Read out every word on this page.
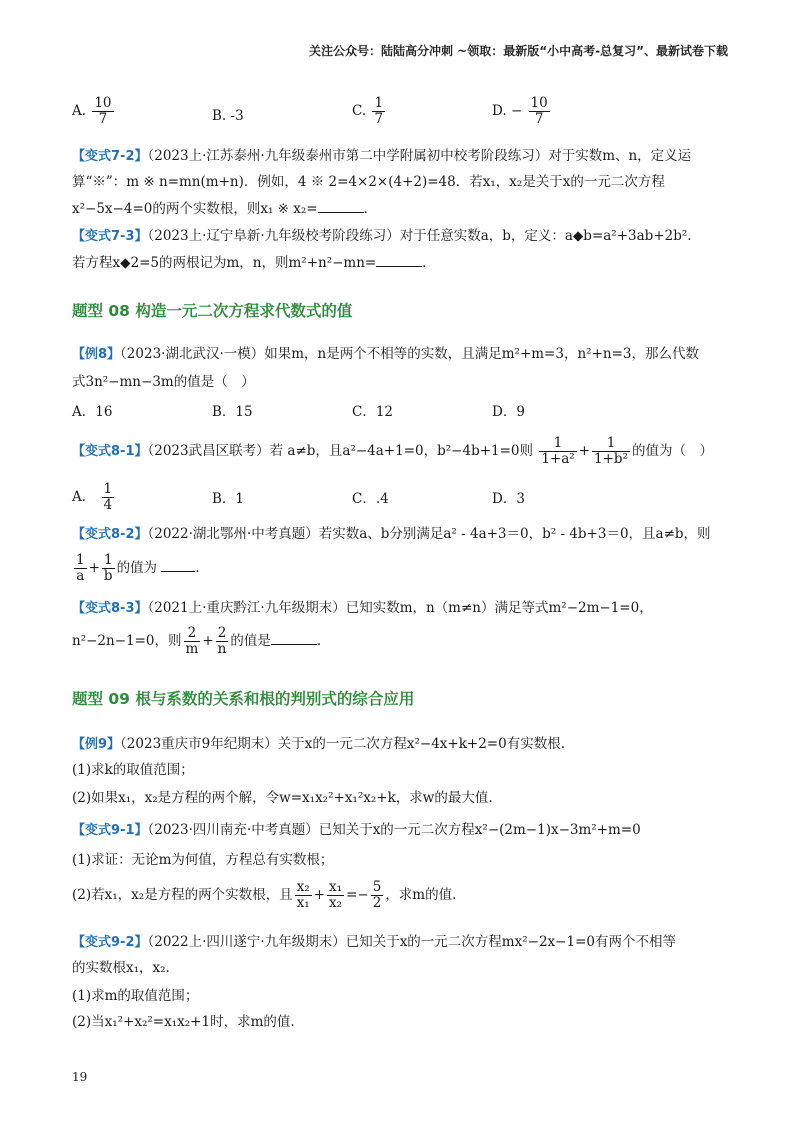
关注公众号：陆陆高分冲刺 ~领取：最新版“小中高考-总复习”、最新试卷下载
A. $\frac{10}{7}$	B. -3	C. $\frac{1}{7}$	D. − $\frac{10}{7}$
【变式7-2】（2023上·江苏泰州·九年级泰州市第二中学附属初中校考阶段练习）对于实数m、n，定义运
算“※”：m ※ n=mn(m+n)．例如，4 ※ 2=4×2×(4+2)=48．若x₁，x₂是关于x的一元二次方程
x²−5x−4=0的两个实数根，则x₁ ※ x₂=	．
【变式7-3】（2023上·辽宁阜新·九年级校考阶段练习）对于任意实数a，b，定义：a◆b=a²+3ab+2b².
若方程x◆2=5的两根记为m，n，则m²+n²−mn=	．
题型 08 构造一元二次方程求代数式的值
【例8】（2023·湖北武汉·一模）如果m，n是两个不相等的实数，且满足m²+m=3，n²+n=3，那么代数
式3n²−mn−3m的值是（　）
A．16	B．15	C．12	D．9
【变式8-1】（2023武昌区联考）若 a≠b，且a²−4a+1=0，b²−4b+1=0则 $\frac{1}{\text{1+a²}} + \frac{1}{\text{1+b²}}$ 的值为（　）
A． $\frac{1}{4}$	B．1	C．.4	D．3
【变式8-2】（2022·湖北鄂州·中考真题）若实数a、b分别满足a² - 4a+3＝0，b² - 4b+3＝0，且a≠b，则
$\frac{1}{a} + \frac{1}{b}$ 的值为	.
【变式8-3】（2021上·重庆黔江·九年级期末）已知实数m，n（m≠n）满足等式m²−2m−1=0，
n²−2n−1=0，则 $\frac{2}{m} + \frac{2}{n}$ 的值是	.
题型 09 根与系数的关系和根的判别式的综合应用
【例9】（2023重庆市9年纪期末）关于x的一元二次方程x²−4x+k+2=0有实数根.
(1)求k的取值范围；
(2)如果x₁，x₂是方程的两个解，令w=x₁x₂²+x₁²x₂+k，求w的最大值.
【变式9-1】（2023·四川南充·中考真题）已知关于x的一元二次方程x²−(2m−1)x−3m²+m=0
(1)求证：无论m为何值，方程总有实数根；
(2)若x₁，x₂是方程的两个实数根，且 $\frac{\text{x₂}}{\text{x₁}} + \frac{\text{x₁}}{\text{x₂}} =- \frac{5}{2}$ ，求m的值.
【变式9-2】（2022上·四川遂宁·九年级期末）已知关于x的一元二次方程mx²−2x−1=0有两个不相等
的实数根x₁，x₂.
(1)求m的取值范围；
(2)当x₁²+x₂²=x₁x₂+1时，求m的值.
19
